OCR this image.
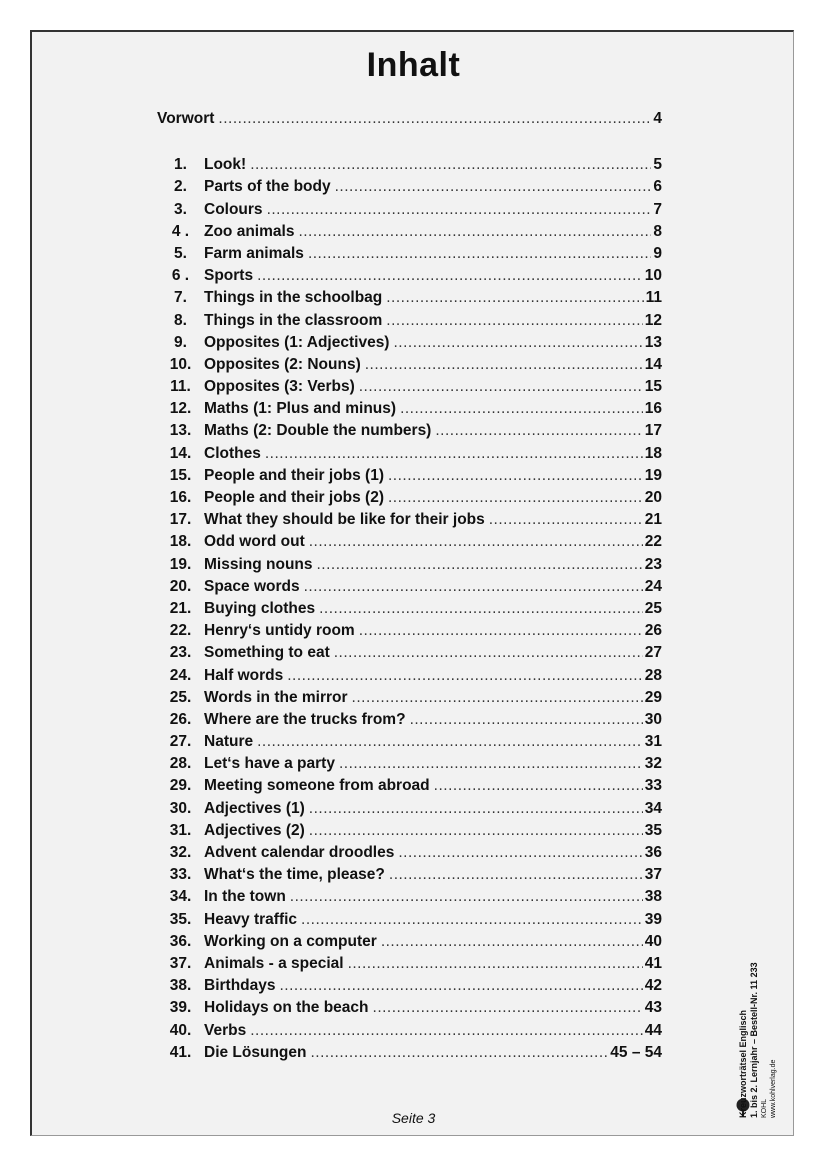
Inhalt
Vorwort .....	4
1.	Look! .....	5
2.	Parts of the body .....	6
3.	Colours .....	7
4 . Zoo animals .....	8
5.	Farm animals .....	9
6 . Sports .....	10
7.	Things in the schoolbag .....	11
8.	Things in the classroom .....	12
9.	Opposites (1: Adjectives) .....	13
10. Opposites (2: Nouns) .....	14
11. Opposites (3: Verbs) .....	15
12. Maths (1: Plus and minus) .....	16
13. Maths (2: Double the numbers) .....	17
14. Clothes .....	18
15. People and their jobs (1) .....	19
16. People and their jobs (2) .....	20
17. What they should be like for their jobs .....	21
18. Odd word out .....	22
19. Missing nouns .....	23
20. Space words .....	24
21. Buying clothes .....	25
22. Henry‘s untidy room .....	26
23. Something to eat .....	27
24. Half words .....	28
25. Words in the mirror .....	29
26. Where are the trucks from? .....	30
27. Nature .....	31
28. Let‘s have a party .....	32
29. Meeting someone from abroad .....	33
30. Adjectives (1) .....	34
31. Adjectives (2) .....	35
32. Advent calendar droodles .....	36
33. What‘s the time, please? .....	37
34. In the town .....	38
35. Heavy traffic .....	39
36. Working on a computer .....	40
37. Animals - a special .....	41
38. Birthdays .....	42
39. Holidays on the beach .....	43
40. Verbs .....	44
41. Die Lösungen .....	45 – 54
Seite 3	Kreuzworträtsel Englisch 1. bis 2. Lernjahr – Bestell-Nr. 11 233 KOHL www.kohlverlag.de
